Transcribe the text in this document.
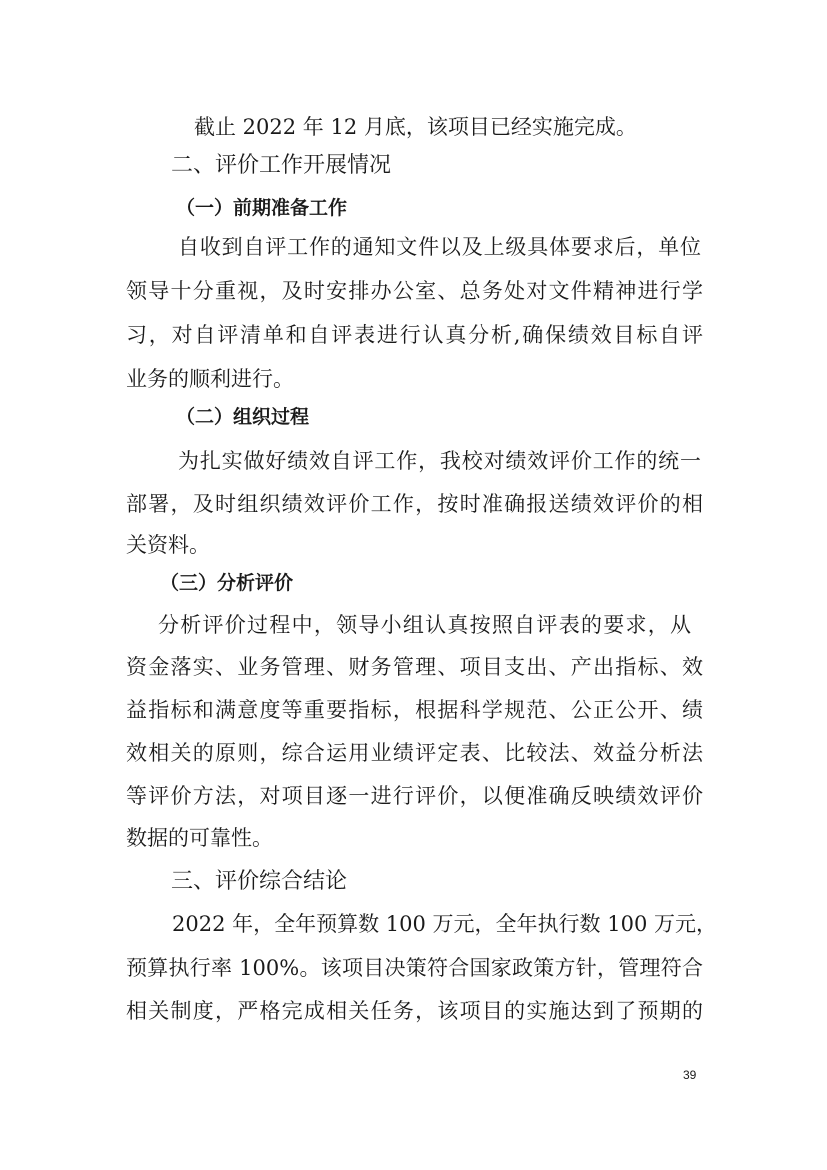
截止 2022 年 12 月底，该项目已经实施完成。
二、评价工作开展情况
（一）前期准备工作
自收到自评工作的通知文件以及上级具体要求后，单位
领导十分重视，及时安排办公室、总务处对文件精神进行学
习，对自评清单和自评表进行认真分析,确保绩效目标自评
业务的顺利进行。
（二）组织过程
为扎实做好绩效自评工作，我校对绩效评价工作的统一
部署，及时组织绩效评价工作，按时准确报送绩效评价的相
关资料。
（三）分析评价
分析评价过程中，领导小组认真按照自评表的要求，从
资金落实、业务管理、财务管理、项目支出、产出指标、效
益指标和满意度等重要指标，根据科学规范、公正公开、绩
效相关的原则，综合运用业绩评定表、比较法、效益分析法
等评价方法，对项目逐一进行评价，以便准确反映绩效评价
数据的可靠性。
三、评价综合结论
2022 年，全年预算数 100 万元，全年执行数 100 万元，
预算执行率 100%。该项目决策符合国家政策方针，管理符合
相关制度，严格完成相关任务，该项目的实施达到了预期的
39
